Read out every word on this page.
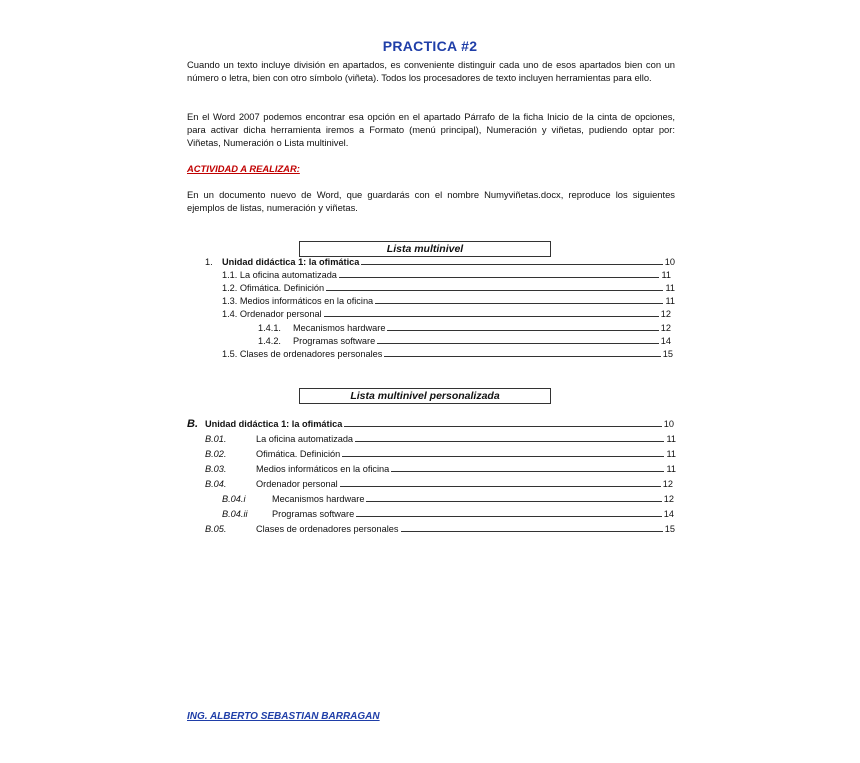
PRACTICA #2

Cuando un texto incluye división en apartados, es conveniente distinguir cada uno de esos apartados bien con un número o letra, bien con otro símbolo (viñeta). Todos los procesadores de texto incluyen herramientas para ello.

En el Word 2007 podemos encontrar esa opción en el apartado Párrafo de la ficha Inicio de la cinta de opciones, para activar dicha herramienta iremos a Formato (menú principal), Numeración y viñetas, pudiendo optar por: Viñetas, Numeración o Lista multinivel.

ACTIVIDAD A REALIZAR:

En un documento nuevo de Word, que guardarás con el nombre Numyviñetas.docx, reproduce los siguientes ejemplos de listas, numeración y viñetas.

Lista multinivel
1.	Unidad didáctica 1: la ofimática	10
1.1. La oficina automatizada	11
1.2. Ofimática. Definición	11
1.3. Medios informáticos en la oficina	11
1.4. Ordenador personal	12
1.4.1.	Mecanismos hardware	12
1.4.2.	Programas software	14
1.5. Clases de ordenadores personales	15
Lista multinivel personalizada
B. Unidad didáctica 1: la ofimática	10
B.01.	La oficina automatizada	11
B.02.	Ofimática. Definición	11
B.03.	Medios informáticos en la oficina	11
B.04.	Ordenador personal	12
B.04.i	Mecanismos hardware	12
B.04.ii	Programas software	14
B.05.	Clases de ordenadores personales	15
ING. ALBERTO SEBASTIAN BARRAGAN
